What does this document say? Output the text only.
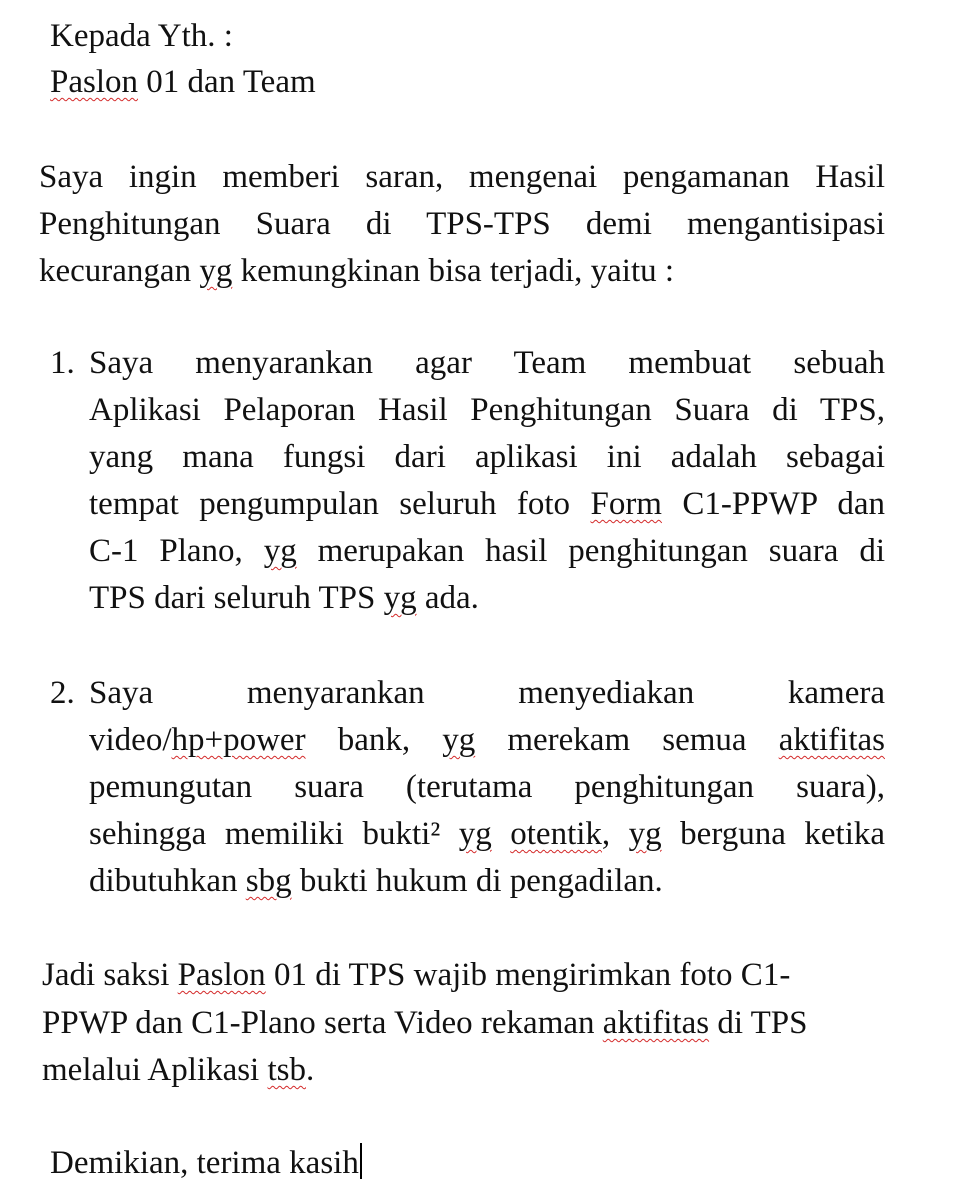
Kepada Yth. :
Paslon 01 dan Team
Saya ingin memberi saran, mengenai pengamanan Hasil
Penghitungan Suara di TPS-TPS demi mengantisipasi
kecurangan yg kemungkinan bisa terjadi, yaitu :
1. Saya menyarankan agar Team membuat sebuah
Aplikasi Pelaporan Hasil Penghitungan Suara di TPS,
yang mana fungsi dari aplikasi ini adalah sebagai
tempat pengumpulan seluruh foto Form C1-PPWP dan
C-1 Plano, yg merupakan hasil penghitungan suara di
TPS dari seluruh TPS yg ada.
2. Saya menyarankan menyediakan kamera
video/hp+power bank, yg merekam semua aktifitas
pemungutan suara (terutama penghitungan suara),
sehingga memiliki bukti² yg otentik, yg berguna ketika
dibutuhkan sbg bukti hukum di pengadilan.
Jadi saksi Paslon 01 di TPS wajib mengirimkan foto C1-
PPWP dan C1-Plano serta Video rekaman aktifitas di TPS
melalui Aplikasi tsb.
Demikian, terima kasih
